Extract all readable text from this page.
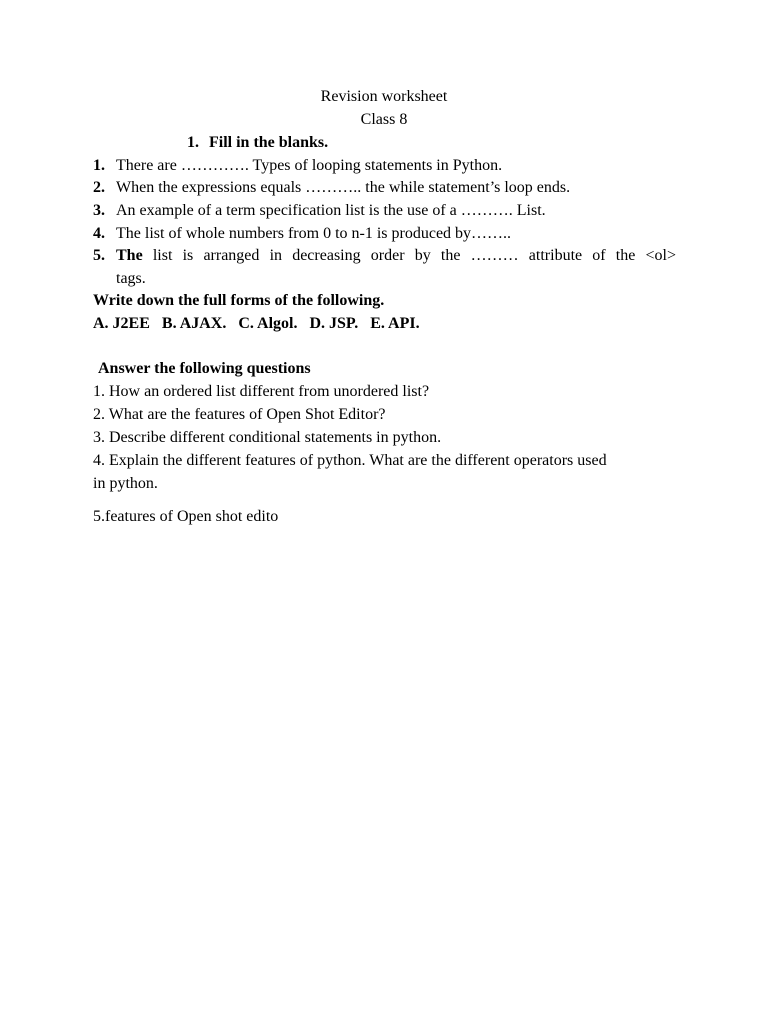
Revision worksheet
Class 8
1. Fill in the blanks.
1. There are …………. Types of looping statements in Python.
2. When the expressions equals ……….. the while statement’s loop ends.
3. An example of a term specification list is the use of a ………. List.
4. The list of whole numbers from 0 to n-1 is produced by……..
5. The list is arranged in decreasing order by the ……… attribute of the <ol>
tags.
Write down the full forms of the following.
A. J2EE   B. AJAX.   C. Algol.   D. JSP.   E. API.
Answer the following questions
1. How an ordered list different from unordered list?
2. What are the features of Open Shot Editor?
3. Describe different conditional statements in python.
4. Explain the different features of python. What are the different operators used
in python.
5.features of Open shot edito
